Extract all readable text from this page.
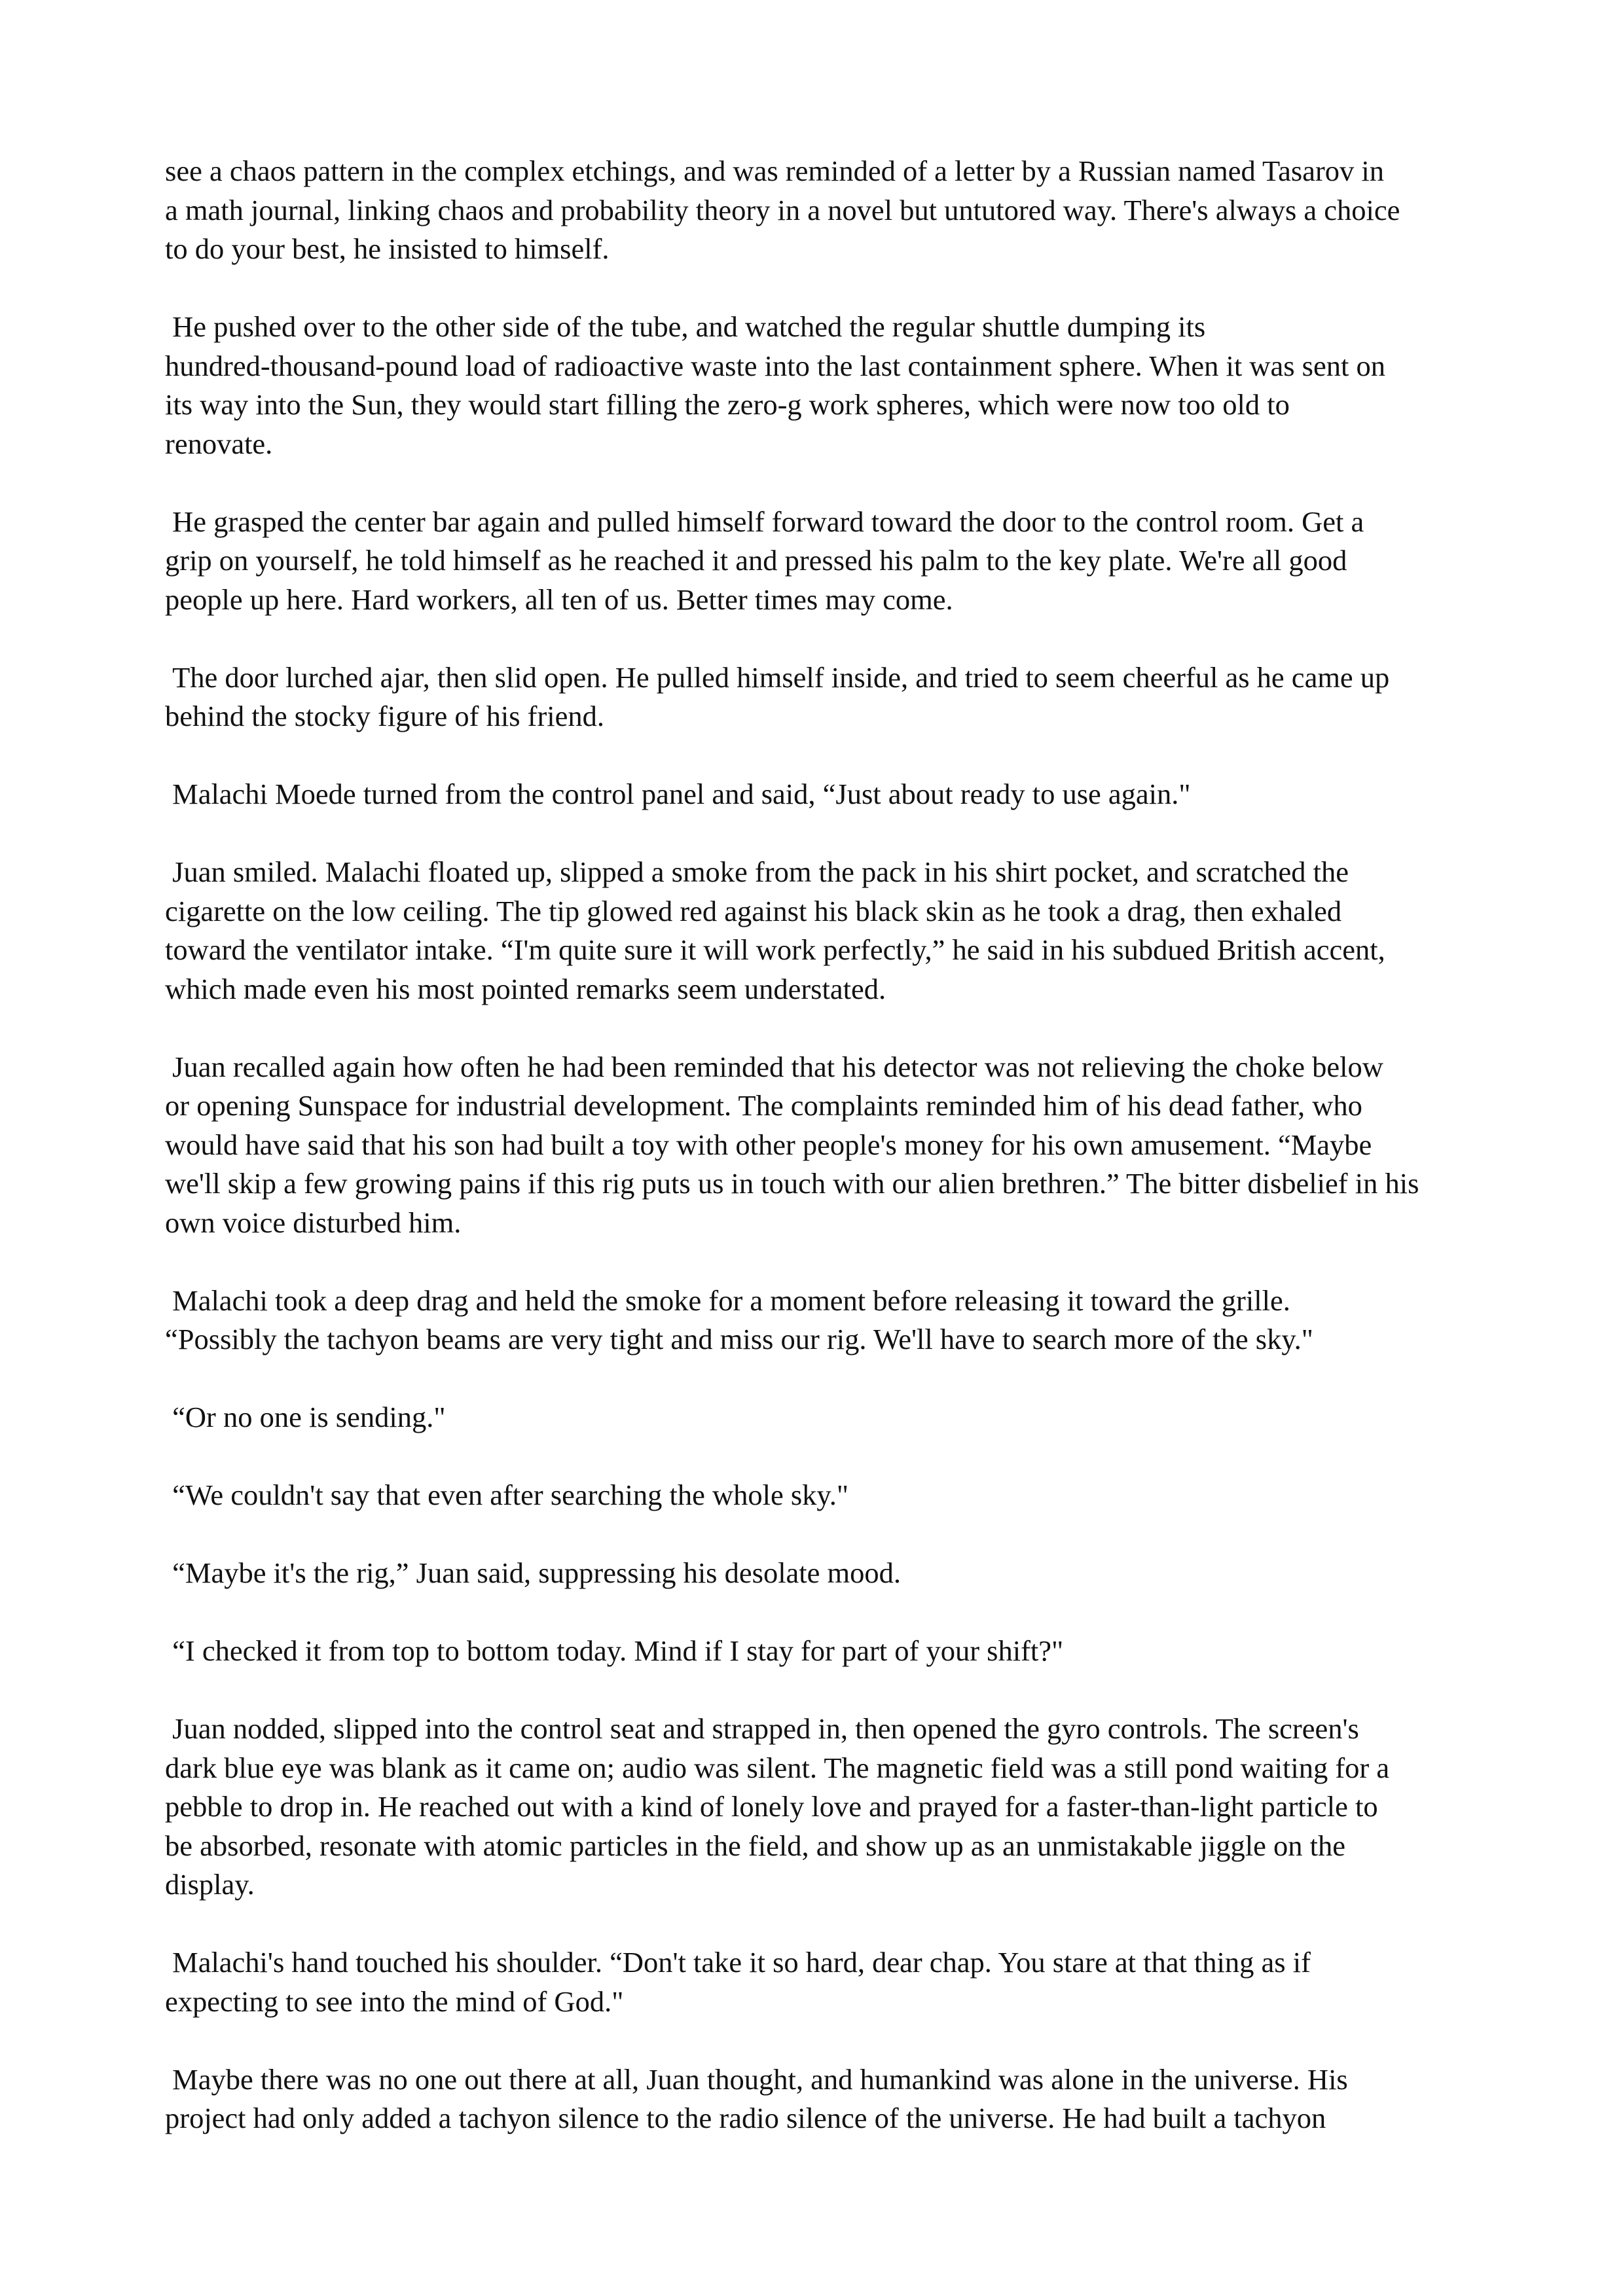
see a chaos pattern in the complex etchings, and was reminded of a letter by a Russian named Tasarov in
a math journal, linking chaos and probability theory in a novel but untutored way. There's always a choice
to do your best, he insisted to himself.

He pushed over to the other side of the tube, and watched the regular shuttle dumping its
hundred-thousand-pound load of radioactive waste into the last containment sphere. When it was sent on
its way into the Sun, they would start filling the zero-g work spheres, which were now too old to
renovate.

He grasped the center bar again and pulled himself forward toward the door to the control room. Get a
grip on yourself, he told himself as he reached it and pressed his palm to the key plate. We're all good
people up here. Hard workers, all ten of us. Better times may come.

The door lurched ajar, then slid open. He pulled himself inside, and tried to seem cheerful as he came up
behind the stocky figure of his friend.

Malachi Moede turned from the control panel and said, “Just about ready to use again."

Juan smiled. Malachi floated up, slipped a smoke from the pack in his shirt pocket, and scratched the
cigarette on the low ceiling. The tip glowed red against his black skin as he took a drag, then exhaled
toward the ventilator intake. “I'm quite sure it will work perfectly,” he said in his subdued British accent,
which made even his most pointed remarks seem understated.

Juan recalled again how often he had been reminded that his detector was not relieving the choke below
or opening Sunspace for industrial development. The complaints reminded him of his dead father, who
would have said that his son had built a toy with other people's money for his own amusement. “Maybe
we'll skip a few growing pains if this rig puts us in touch with our alien brethren.” The bitter disbelief in his
own voice disturbed him.

Malachi took a deep drag and held the smoke for a moment before releasing it toward the grille.
“Possibly the tachyon beams are very tight and miss our rig. We'll have to search more of the sky."

“Or no one is sending."

“We couldn't say that even after searching the whole sky."

“Maybe it's the rig,” Juan said, suppressing his desolate mood.

“I checked it from top to bottom today. Mind if I stay for part of your shift?"

Juan nodded, slipped into the control seat and strapped in, then opened the gyro controls. The screen's
dark blue eye was blank as it came on; audio was silent. The magnetic field was a still pond waiting for a
pebble to drop in. He reached out with a kind of lonely love and prayed for a faster-than-light particle to
be absorbed, resonate with atomic particles in the field, and show up as an unmistakable jiggle on the
display.

Malachi's hand touched his shoulder. “Don't take it so hard, dear chap. You stare at that thing as if
expecting to see into the mind of God."

Maybe there was no one out there at all, Juan thought, and humankind was alone in the universe. His
project had only added a tachyon silence to the radio silence of the universe. He had built a tachyon
